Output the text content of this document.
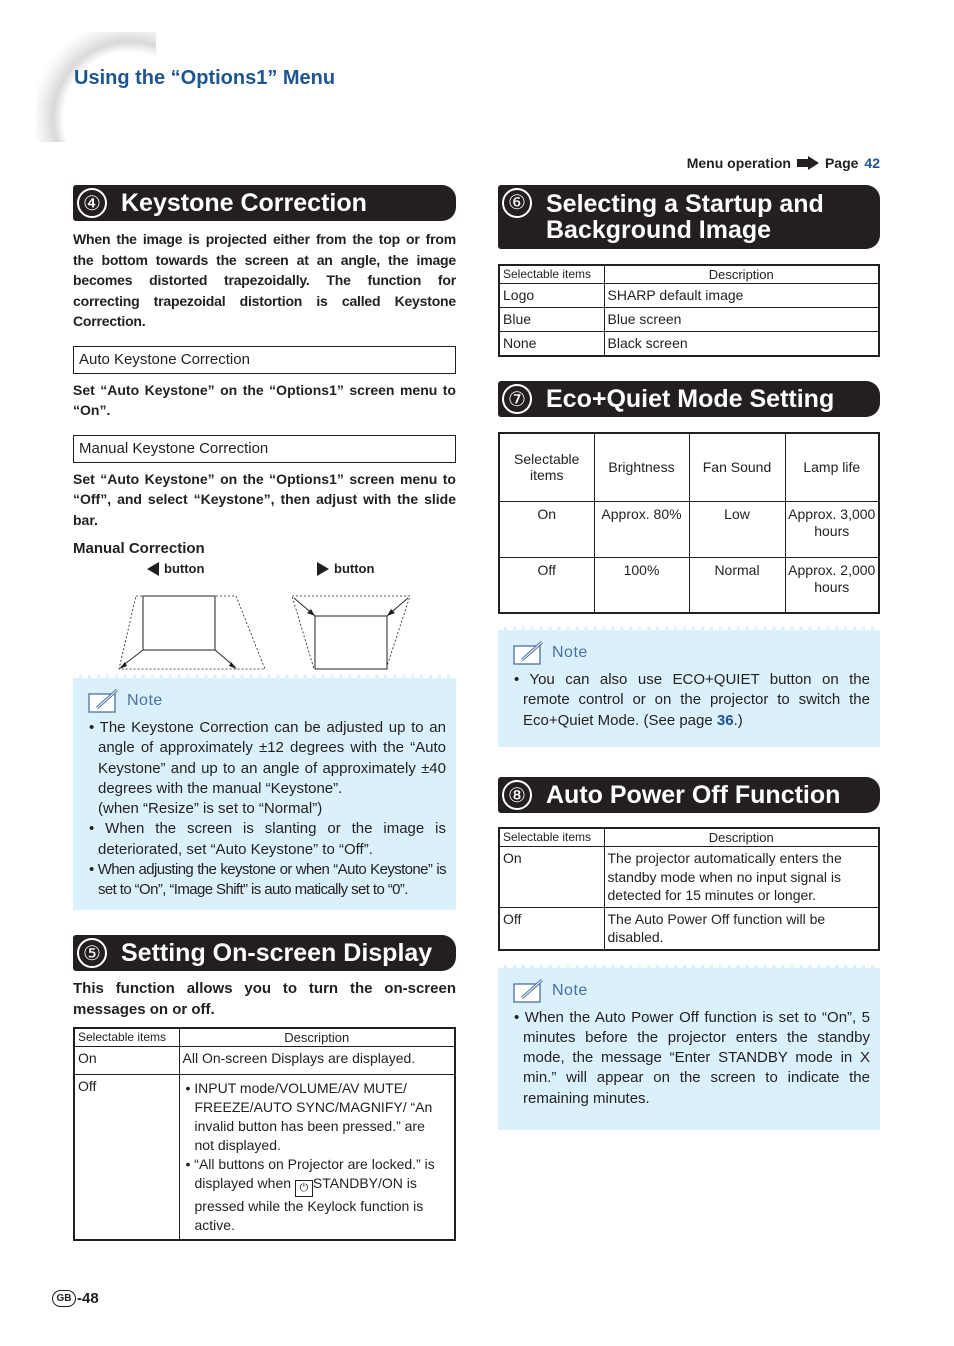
Using the “Options1” Menu
Menu operation Page 42
④ Keystone Correction

When the image is projected either from the top or from the bottom towards the screen at an angle, the image becomes distorted trapezoidally. The function for correcting trapezoidal distortion is called Keystone Correction.

Auto Keystone Correction

Set “Auto Keystone” on the “Options1” screen menu to “On”.

Manual Keystone Correction

Set “Auto Keystone” on the “Options1” screen menu to “Off”, and select “Keystone”, then adjust with the slide bar.

Manual Correction
button	button
Note
• The Keystone Correction can be adjusted up to an angle of approximately ±12 degrees with the “Auto Keystone” and up to an angle of approximately ±40 degrees with the manual “Keystone”.
(when “Resize” is set to “Normal”)
• When the screen is slanting or the image is deteriorated, set “Auto Keystone” to “Off”.
• When adjusting the keystone or when “Auto Keystone” is set to “On”, “Image Shift” is auto matically set to “0”.
⑤ Setting On-screen Display

This function allows you to turn the on-screen messages on or off.

Selectable items	Description
On	All On-screen Displays are displayed.
Off	• INPUT mode/VOLUME/AV MUTE/ FREEZE/AUTO SYNC/MAGNIFY/ “An invalid button has been pressed.” are not displayed.
• “All buttons on Projector are locked.” is displayed when ⏻ STANDBY/ON is pressed while the Keylock function is active.
⑥ Selecting a Startup and
Background Image
Selectable items	Description
Logo	SHARP default image
Blue	Blue screen
None	Black screen
⑦ Eco+Quiet Mode Setting
Selectable items	Brightness	Fan Sound	Lamp life
On	Approx. 80%	Low	Approx. 3,000 hours
Off	100%	Normal	Approx. 2,000 hours
Note
• You can also use ECO+QUIET button on the remote control or on the projector to switch the Eco+Quiet Mode. (See page 36.)
⑧ Auto Power Off Function
Selectable items	Description
On	The projector automatically enters the standby mode when no input signal is detected for 15 minutes or longer.
Off	The Auto Power Off function will be disabled.
Note
• When the Auto Power Off function is set to “On”, 5 minutes before the projector enters the standby mode, the message “Enter STANDBY mode in X min.” will appear on the screen to indicate the remaining minutes.
GB -48
